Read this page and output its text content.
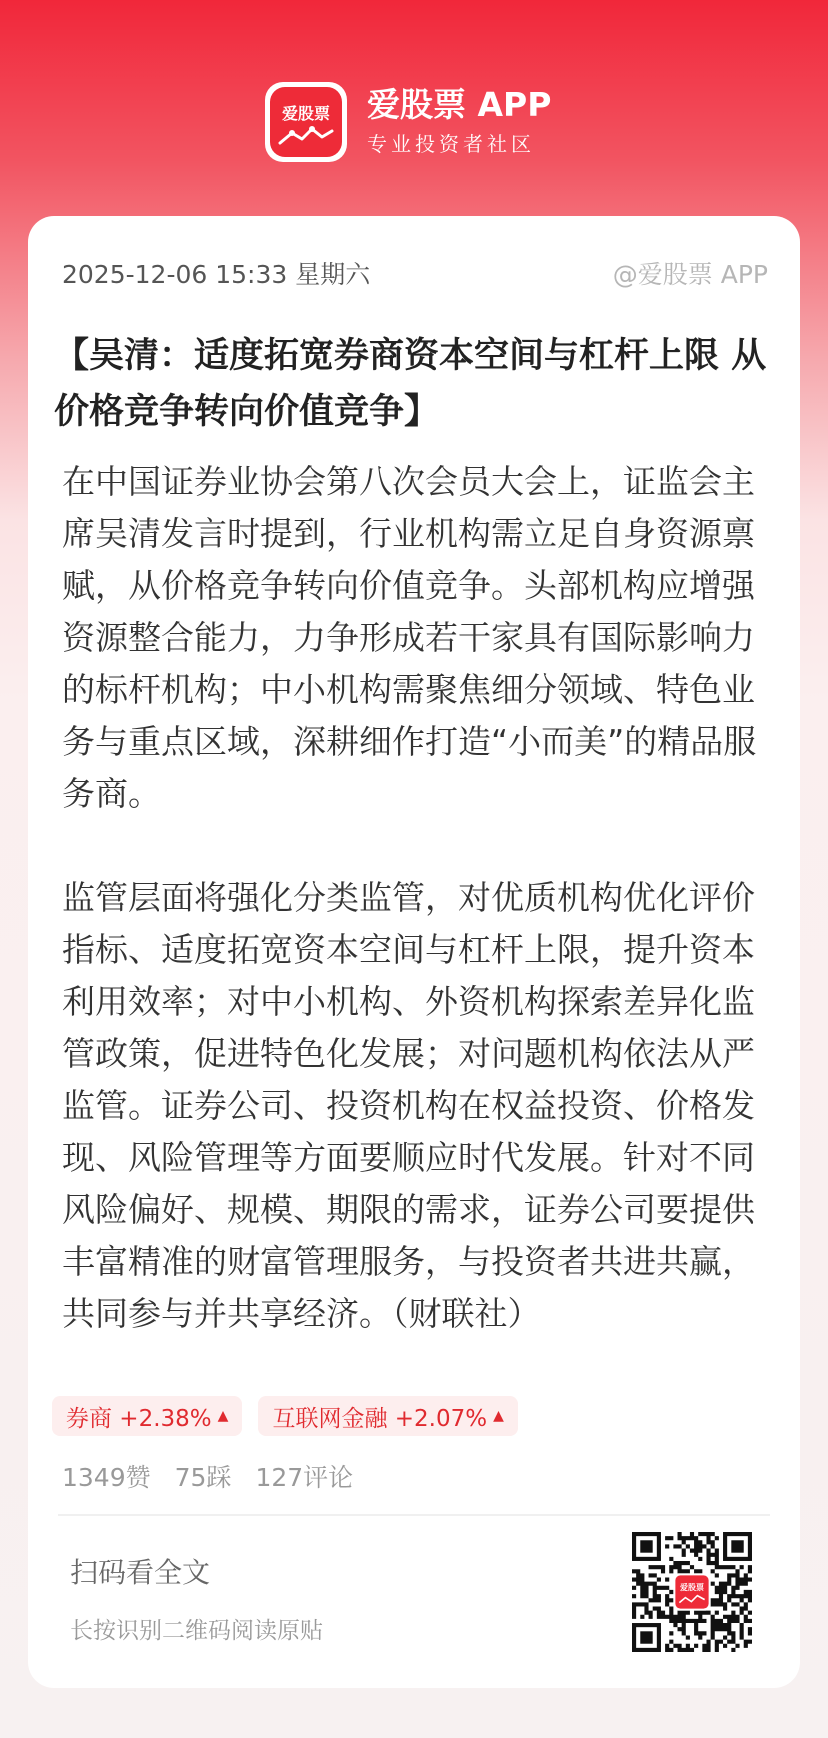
爱股票 爱股票 APP
专业投资者社区
2025-12-06 15:33 星期六	@爱股票 APP
【吴清：适度拓宽券商资本空间与杠杆上限 从价格竞争转向价值竞争】

在中国证券业协会第八次会员大会上，证监会主席吴清发言时提到，行业机构需立足自身资源禀赋，从价格竞争转向价值竞争。头部机构应增强资源整合能力，力争形成若干家具有国际影响力的标杆机构；中小机构需聚焦细分领域、特色业务与重点区域，深耕细作打造“小而美”的精品服务商。

监管层面将强化分类监管，对优质机构优化评价指标、适度拓宽资本空间与杠杆上限，提升资本利用效率；对中小机构、外资机构探索差异化监管政策，促进特色化发展；对问题机构依法从严监管。证券公司、投资机构在权益投资、价格发现、风险管理等方面要顺应时代发展。针对不同风险偏好、规模、期限的需求，证券公司要提供丰富精准的财富管理服务，与投资者共进共赢，共同参与并共享经济。（财联社）

券商 +2.38% ▲ 互联网金融 +2.07% ▲
1349赞 75踩 127评论
扫码看全文
长按识别二维码阅读原贴
爱股票
